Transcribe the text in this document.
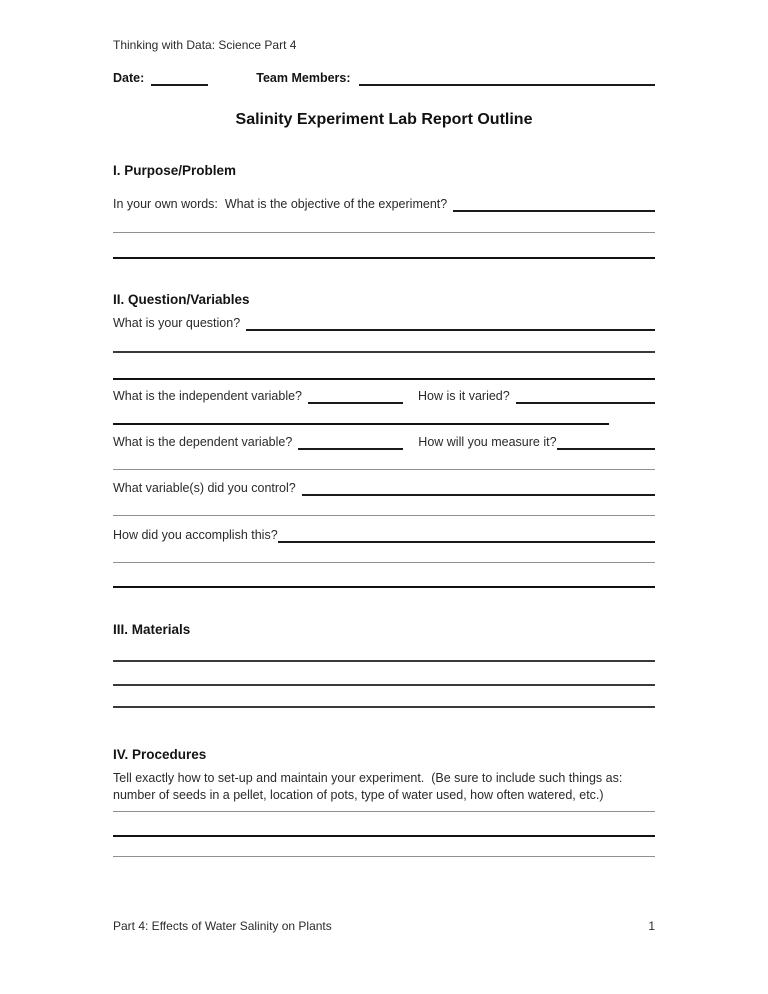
Thinking with Data: Science Part 4
Date:	Team Members:
Salinity Experiment Lab Report Outline
I. Purpose/Problem
In your own words:  What is the objective of the experiment?
II. Question/Variables
What is your question?
What is the independent variable?	How is it varied?
What is the dependent variable?	How will you measure it?
What variable(s) did you control?
How did you accomplish this?
III. Materials
IV. Procedures

Tell exactly how to set-up and maintain your experiment.  (Be sure to include such things as: number of seeds in a pellet, location of pots, type of water used, how often watered, etc.)

Part 4: Effects of Water Salinity on Plants	1
